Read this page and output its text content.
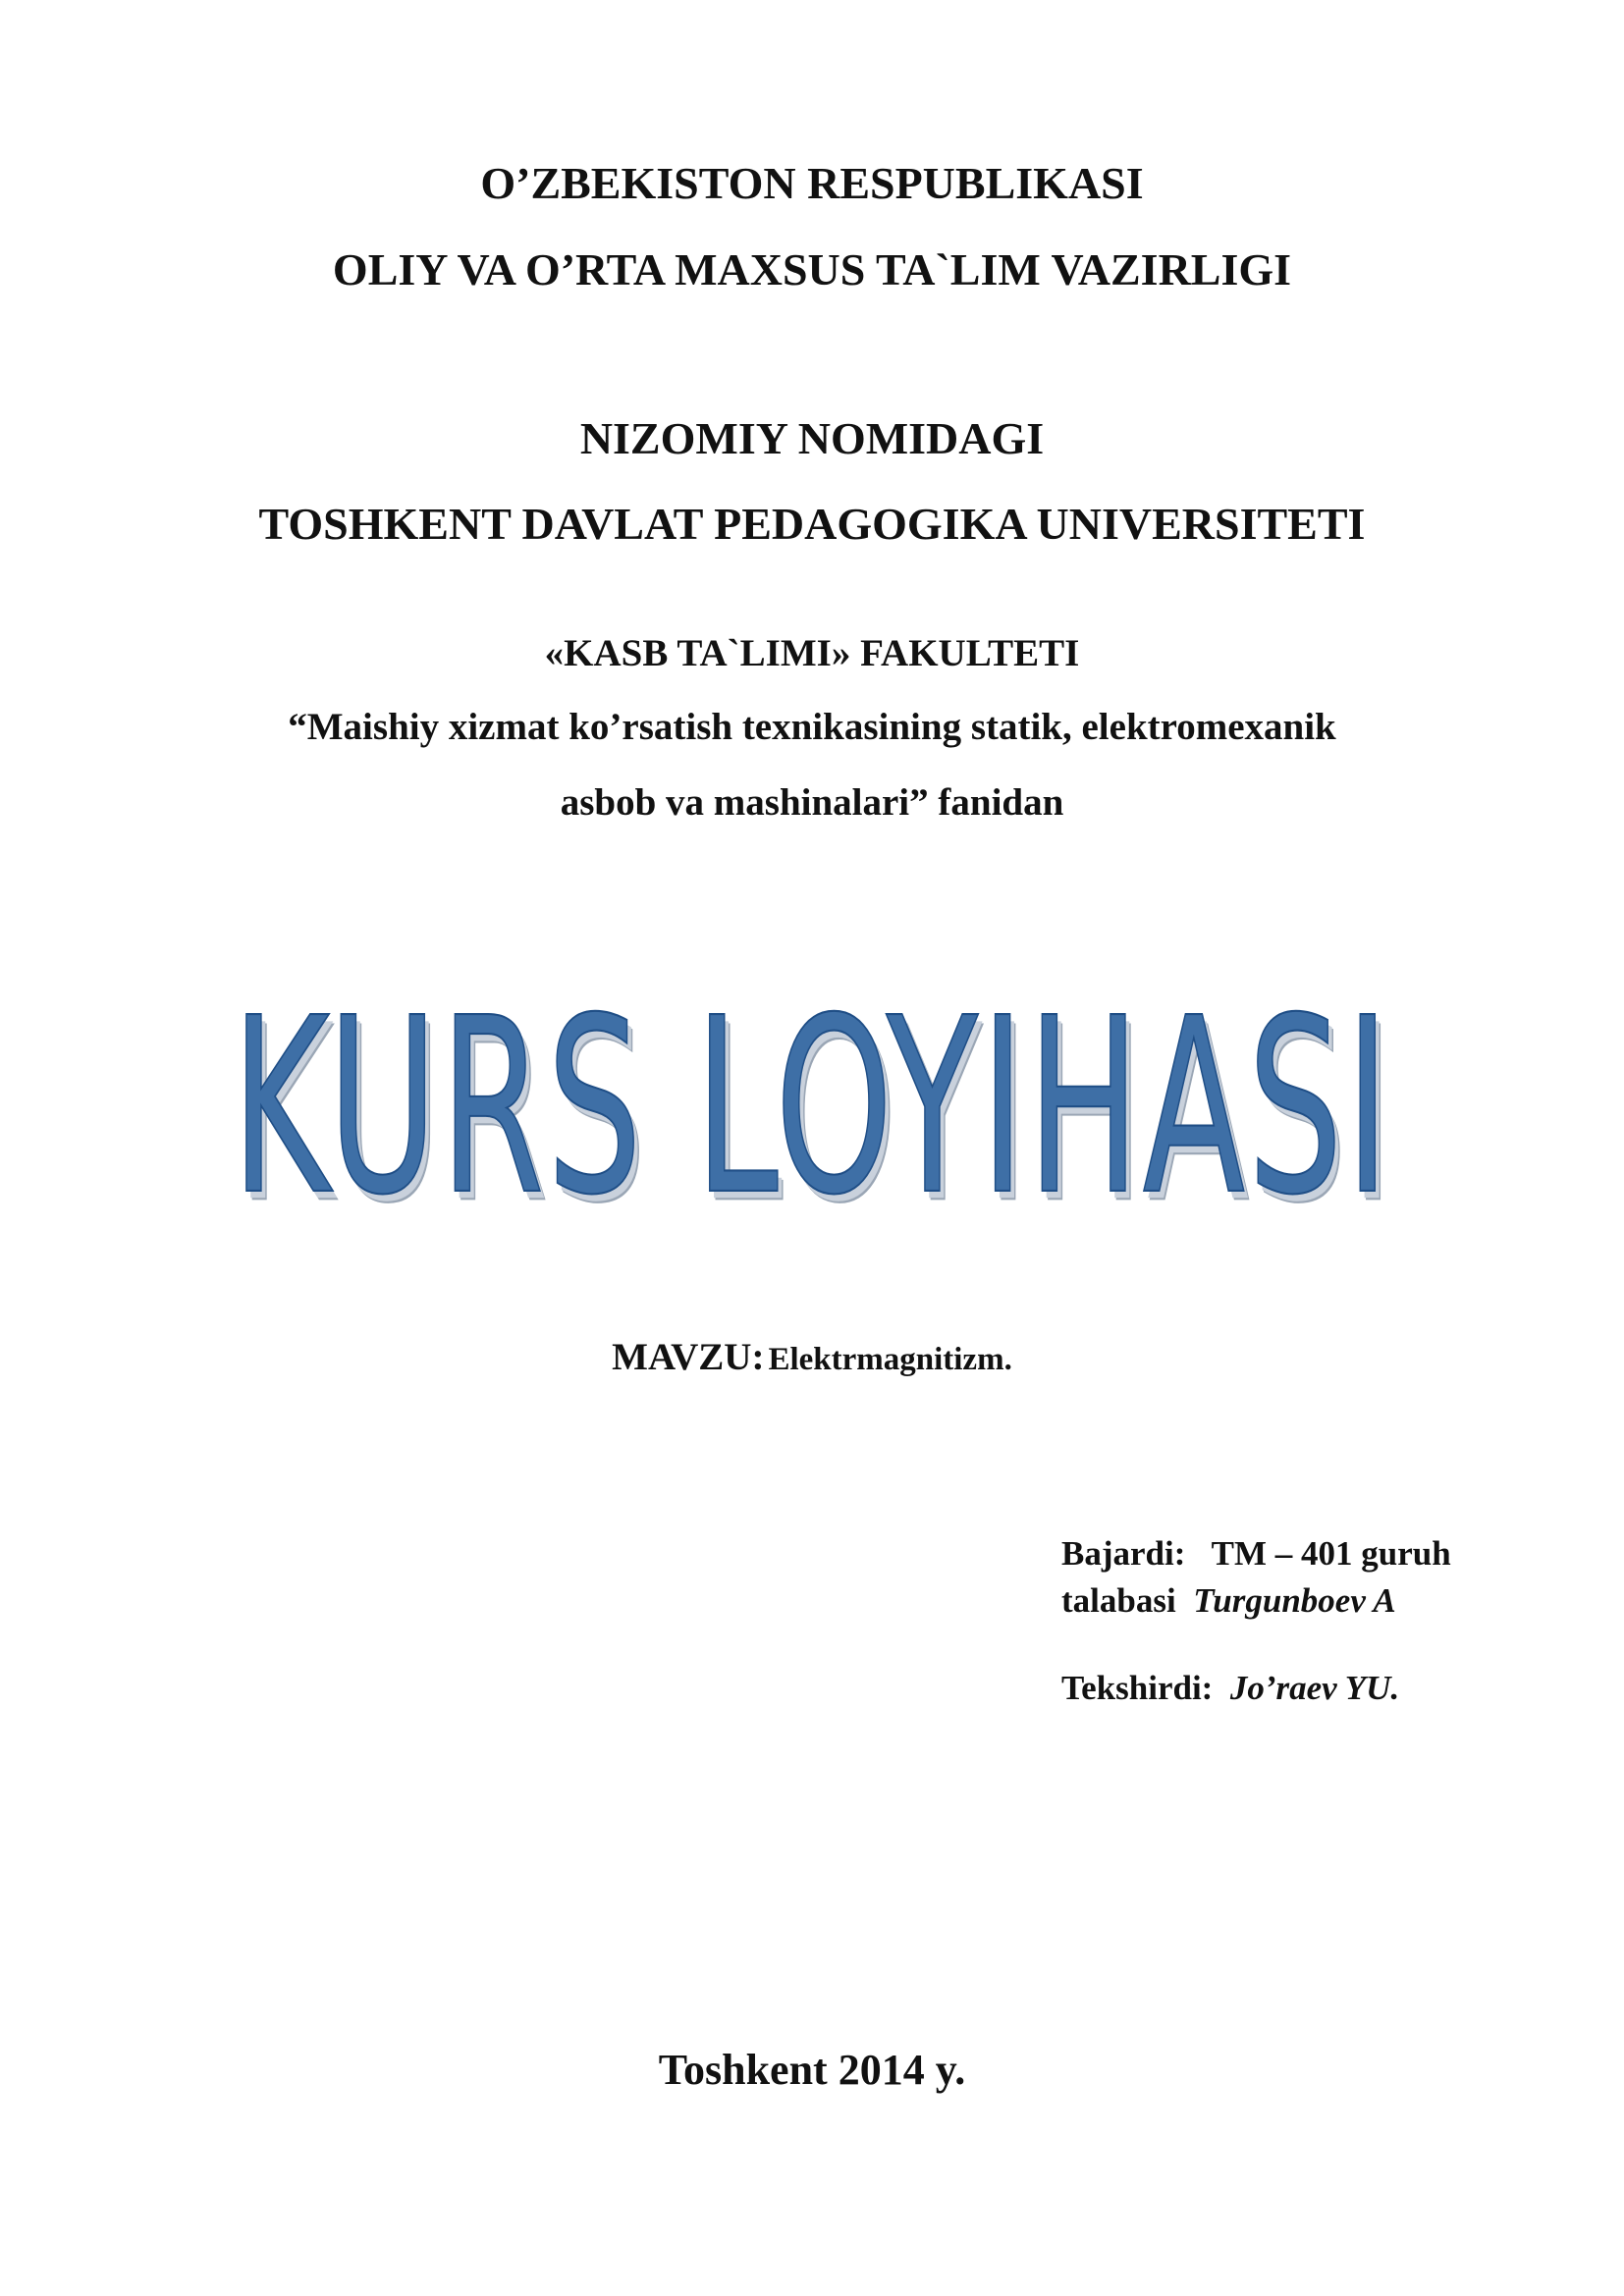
O’ZBEKISTON RESPUBLIKASI
OLIY VA O’RTA MAXSUS TA`LIM VAZIRLIGI
NIZOMIY NOMIDAGI
TOSHKENT DAVLAT PEDAGOGIKA UNIVERSITETI
«KASB TA`LIMI» FAKULTETI
“Maishiy xizmat ko’rsatish texnikasining statik, elektromexanik
asbob va mashinalari” fanidan
KURS LOYIHASI
MAVZU: Elektrmagnitizm.
Bajardi: TM – 401 guruh
talabasi Turgunboev A
Tekshirdi: Jo’raev YU.
Toshkent 2014 y.
